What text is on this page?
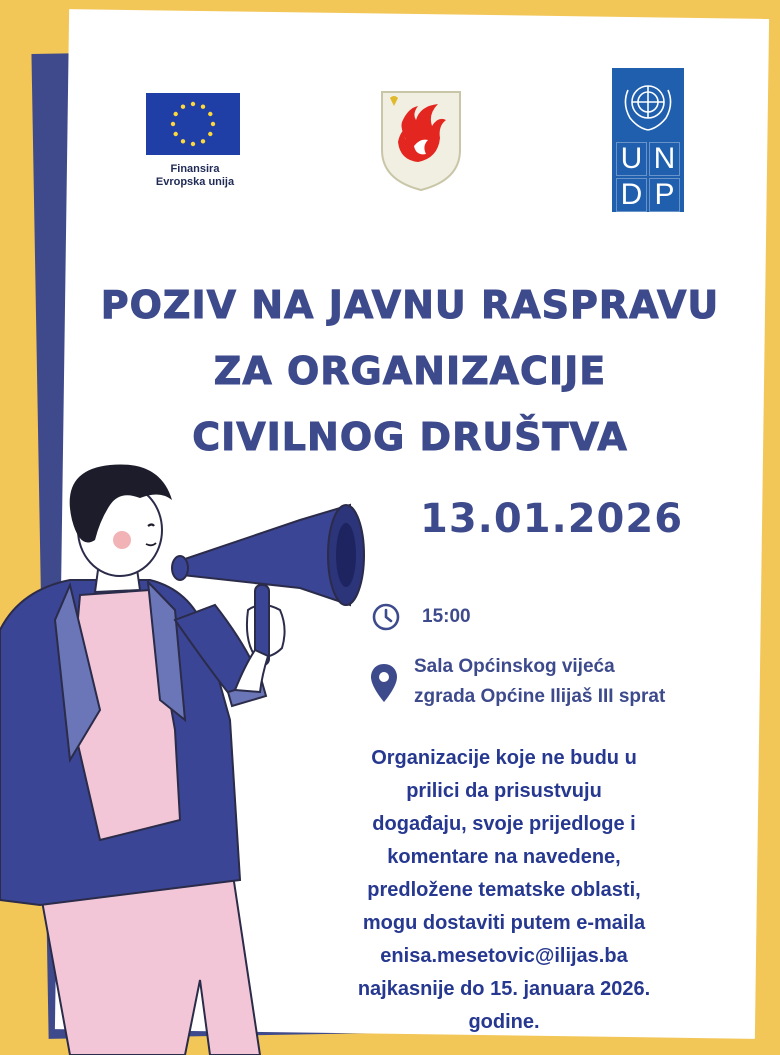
Finansira
Evropska unija
U N
D P
POZIV NA JAVNU RASPRAVU
ZA ORGANIZACIJE
CIVILNOG DRUŠTVA
13.01.2026
15:00
Sala Općinskog vijeća
zgrada Općine Ilijaš III sprat
Organizacije koje ne budu u
prilici da prisustvuju
događaju, svoje prijedloge i
komentare na navedene,
predložene tematske oblasti,
mogu dostaviti putem e-maila
enisa.mesetovic@ilijas.ba
najkasnije do 15. januara 2026.
godine.
